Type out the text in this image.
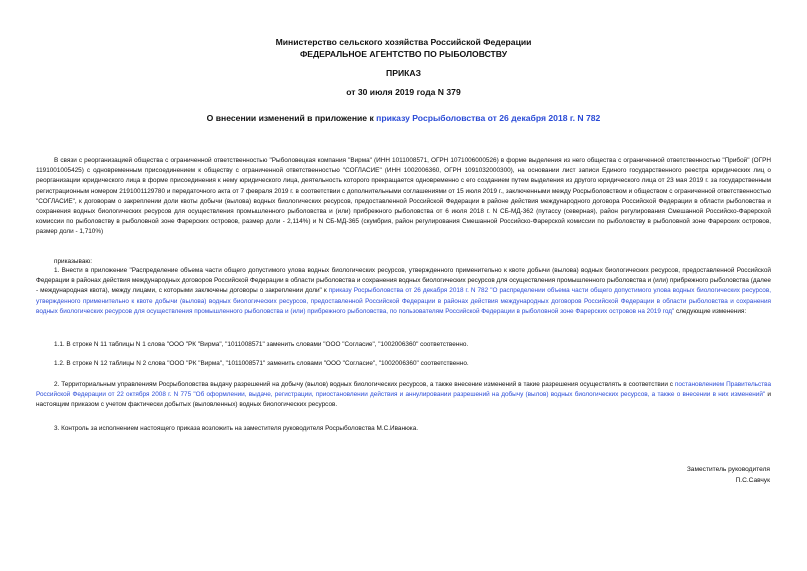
Министерство сельского хозяйства Российской Федерации
ФЕДЕРАЛЬНОЕ АГЕНТСТВО ПО РЫБОЛОВСТВУ
ПРИКАЗ
от 30 июля 2019 года N 379
О внесении изменений в приложение к приказу Росрыболовства от 26 декабря 2018 г. N 782
В связи с реорганизацией общества с ограниченной ответственностью "Рыболовецкая компания "Вирма" (ИНН 1011008571, ОГРН 1071006000526) в форме выделения из него общества с ограниченной ответственностью "Прибой" (ОГРН 1191001005425) с одновременным присоединением к обществу с ограниченной ответственностью "СОГЛАСИЕ" (ИНН 1002006360, ОГРН 1091032000300), на основании лист записи Единого государственного реестра юридических лиц о реорганизации юридического лица в форме присоединения к нему юридического лица, деятельность которого прекращается одновременно с его созданием путем выделения из другого юридического лица от 23 мая 2019 г. за государственным регистрационным номером 2191001129780 и передаточного акта от 7 февраля 2019 г. в соответствии с дополнительными соглашениями от 15 июля 2019 г., заключенными между Росрыболовством и обществом с ограниченной ответственностью "СОГЛАСИЕ", к договорам о закреплении доли квоты добычи (вылова) водных биологических ресурсов, предоставленной Российской Федерации в районе действия международного договора Российской Федерации в области рыболовства и сохранения водных биологических ресурсов для осуществления промышленного рыболовства и (или) прибрежного рыболовства от 6 июля 2018 г. N СБ-МД-362 (путассу (северная), район регулирования Смешанной Российско-Фарерской комиссии по рыболовству в рыболовной зоне Фарерских островов, размер доли - 2,114%) и N СБ-МД-365 (скумбрия, район регулирования Смешанной Российско-Фарерской комиссии по рыболовству в рыболовной зоне Фарерских островов, размер доли - 1,710%)
приказываю:
1. Внести в приложение "Распределение объема части общего допустимого улова водных биологических ресурсов, утвержденного применительно к квоте добычи (вылова) водных биологических ресурсов, предоставленной Российской Федерации в районах действия международных договоров Российской Федерации в области рыболовства и сохранения водных биологических ресурсов для осуществления промышленного рыболовства и (или) прибрежного рыболовства (далее - международная квота), между лицами, с которыми заключены договоры о закреплении доли" к приказу Росрыболовства от 26 декабря 2018 г. N 782 "О распределении объема части общего допустимого улова водных биологических ресурсов, утвержденного применительно к квоте добычи (вылова) водных биологических ресурсов, предоставленной Российской Федерации в районах действия международных договоров Российской Федерации в области рыболовства и сохранения водных биологических ресурсов для осуществления промышленного рыболовства и (или) прибрежного рыболовства, по пользователям Российской Федерации в рыболовной зоне Фарерских островов на 2019 год" следующие изменения:
1.1. В строке N 11 таблицы N 1 слова "ООО "РК "Вирма", "1011008571" заменить словами "ООО "Согласие", "1002006360" соответственно.
1.2. В строке N 12 таблицы N 2 слова "ООО "РК "Вирма", "1011008571" заменить словами "ООО "Согласие", "1002006360" соответственно.
2. Территориальным управлениям Росрыболовства выдачу разрешений на добычу (вылов) водных биологических ресурсов, а также внесение изменений в такие разрешения осуществлять в соответствии с постановлением Правительства Российской Федерации от 22 октября 2008 г. N 775 "Об оформлении, выдаче, регистрации, приостановлении действия и аннулировании разрешений на добычу (вылов) водных биологических ресурсов, а также о внесении в них изменений" и настоящим приказом с учетом фактически добытых (выловленных) водных биологических ресурсов.
3. Контроль за исполнением настоящего приказа возложить на заместителя руководителя Росрыболовства М.С.Иванюка.
Заместитель руководителя
П.С.Савчук
